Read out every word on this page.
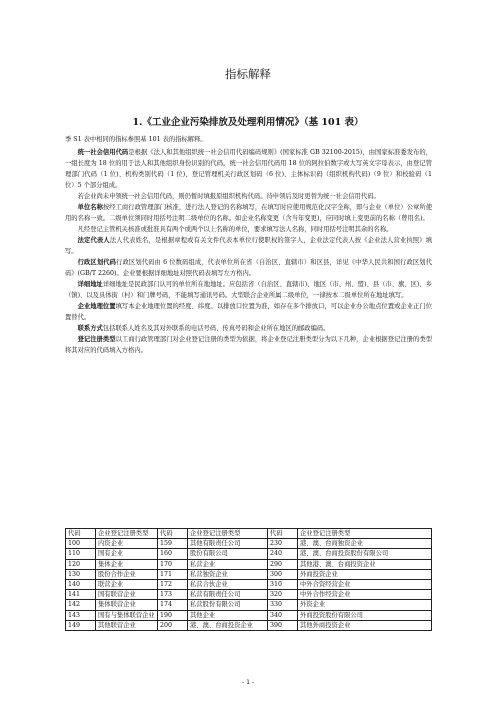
指标解释
1.《工业企业污染排放及处理利用情况》（基 101 表）

季 S1 表中相同的指标参照基 101 表的指标解释。

统一社会信用代码是根据《法人和其他组织统一社会信用代码编码规则》(国家标准 GB 32100-2015)，由国家标准委发布的，一组长度为 18 位的用于法人和其他组织身份识别的代码。统一社会信用代码用 18 位的阿拉伯数字或大写英文字母表示，由登记管理部门代码（1 位)、机构类别代码（1 位)、登记管理机关行政区划码（6 位)、主体标识码（组织机构代码)（9 位）和校验码（1 位）5 个部分组成。

若企业尚未申领统一社会信用代码，则仍暂时填报原组织机构代码。待申领后及时更替为统一社会信用代码。

单位名称按经工商行政管理部门核准，进行法人登记的名称填写，在填写时应使用规范化汉字全称，即与企业（单位）公章所使用的名称一致。二级单位须同时用括号注明二级单位的名称。如企业名称变更（含当年变更)，应同时填上变更前的名称（曾用名)。

凡经登记主管机关核准或批准具有两个或两个以上名称的单位，要求填写法人名称，同时用括号注明其余的名称。

法定代表人法人代表姓名，是根据章程或有关文件代表本单位行使职权的签字人，企业法定代表人按《企业法人营业执照》填写。

行政区划代码行政区划代码由 6 位数码组成，代表单位所在省（自治区、直辖市）和区县，详见《中华人民共和国行政区划代码》(GB/T 2260)。企业要根据详细地址对照代码表填写左方格内。

详细地址详细地址是民政部门认可的单位所在地地址。应包括省（自治区、直辖市)、地区（市、州、盟)、县（市、旗、区)、乡（镇)、以及具体街（村）和门牌号码，不能填写通讯号码。大型联合企业所属二级单位，一律按本二级单位所在地址填写。

企业地理位置填写本企业地理位置的经度、纬度。以排放口位置为准，如存在多个排放口，可以企业办公地点位置或企业正门位置替代。

联系方式包括联系人姓名及其对外联系的电话号码、传真号码和企业所在地区的邮政编码。

登记注册类型以工商行政管理部门对企业登记注册的类型为依据，将企业登记注册类型分为以下几种，企业根据登记注册的类型将其对应的代码填入方格内。

代码	企业登记注册类型	代码	企业登记注册类型	代码	企业登记注册类型
100	内资企业	159	其他有限责任公司	230	港、澳、台商独资企业
110	国有企业	160	股份有限公司	240	港、澳、台商投资股份有限公司
120	集体企业	170	私营企业	290	其他港、澳、台商投资企业
130	股份合作企业	171	私营独资企业	300	外商投资企业
140	联营企业	172	私营合伙企业	310	中外合资经营企业
141	国有联营企业	173	私营有限责任公司	320	中外合作经营企业
142	集体联营企业	174	私营股份有限公司	330	外资企业
143	国有与集体联营企业	190	其他企业	340	外商投资股份有限公司
149	其他联营企业	200	港、澳、台商投资企业	390	其他外商投资企业
- 1 -
